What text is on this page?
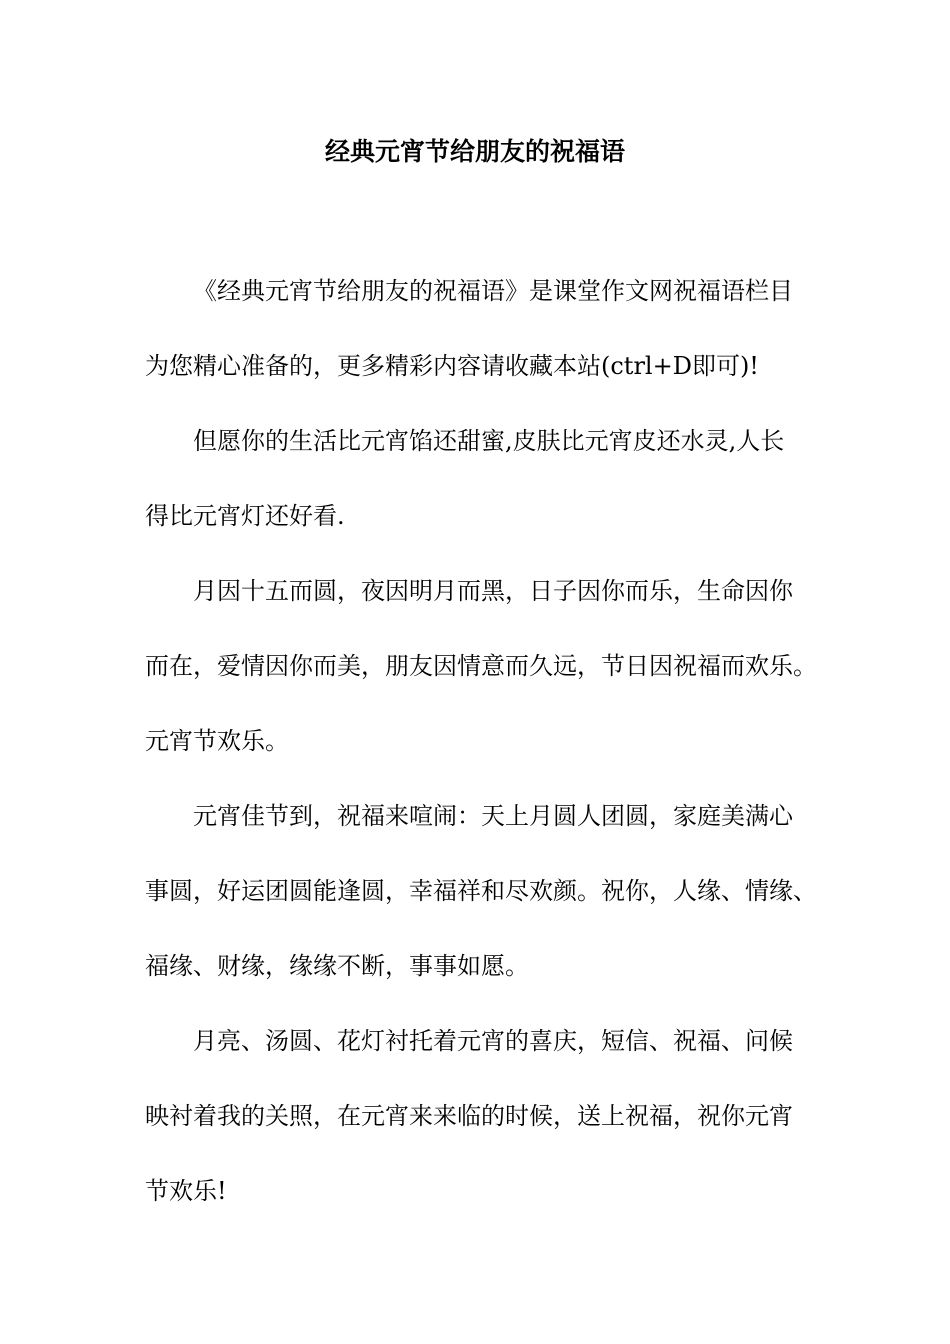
经典元宵节给朋友的祝福语
《经典元宵节给朋友的祝福语》是课堂作文网祝福语栏目
为您精心准备的，更多精彩内容请收藏本站(ctrl+D即可)!
但愿你的生活比元宵馅还甜蜜,皮肤比元宵皮还水灵,人长
得比元宵灯还好看.
月因十五而圆，夜因明月而黑，日子因你而乐，生命因你
而在，爱情因你而美，朋友因情意而久远，节日因祝福而欢乐。
元宵节欢乐。
元宵佳节到，祝福来喧闹：天上月圆人团圆，家庭美满心
事圆，好运团圆能逢圆，幸福祥和尽欢颜。祝你，人缘、情缘、
福缘、财缘，缘缘不断，事事如愿。
月亮、汤圆、花灯衬托着元宵的喜庆，短信、祝福、问候
映衬着我的关照，在元宵来来临的时候，送上祝福，祝你元宵
节欢乐!
